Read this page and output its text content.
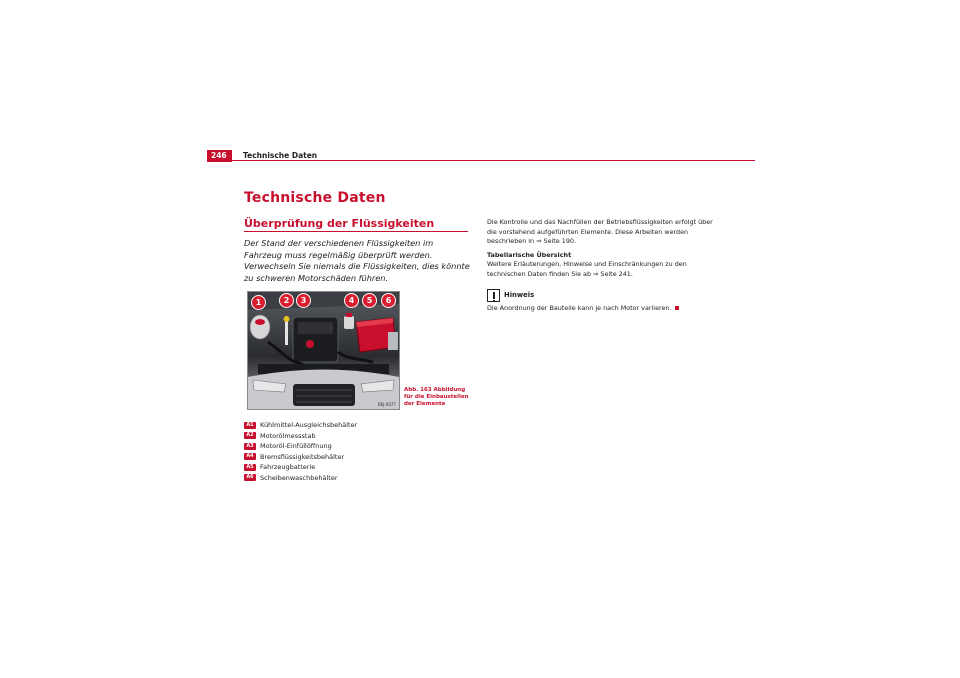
246 Technische Daten
Technische Daten
Überprüfung der Flüssigkeiten
Der Stand der verschiedenen Flüssigkeiten im Fahrzeug muss regelmäßig überprüft werden. Verwechseln Sie niemals die Flüssigkeiten, dies könnte zu schweren Motorschäden führen.
B6J-0077
1	2	3	4	5	6
Abb. 163 Abbildung für die Einbaustellen der Elemente
A1 Kühlmittel-Ausgleichsbehälter
A2 Motorölmessstab
A3 Motoröl-Einfüllöffnung
A4 Bremsflüssigkeitsbehälter
A5 Fahrzeugbatterie
A6 Scheibenwaschbehälter

Die Kontrolle und das Nachfüllen der Betriebsflüssigkeiten erfolgt über die vorstehend aufgeführten Elemente. Diese Arbeiten werden beschrieben in ⇒ Seite 190.

Tabellarische Übersicht

Weitere Erläuterungen, Hinweise und Einschränkungen zu den technischen Daten finden Sie ab ⇒ Seite 241.

Hinweis

Die Anordnung der Bauteile kann je nach Motor variieren.
